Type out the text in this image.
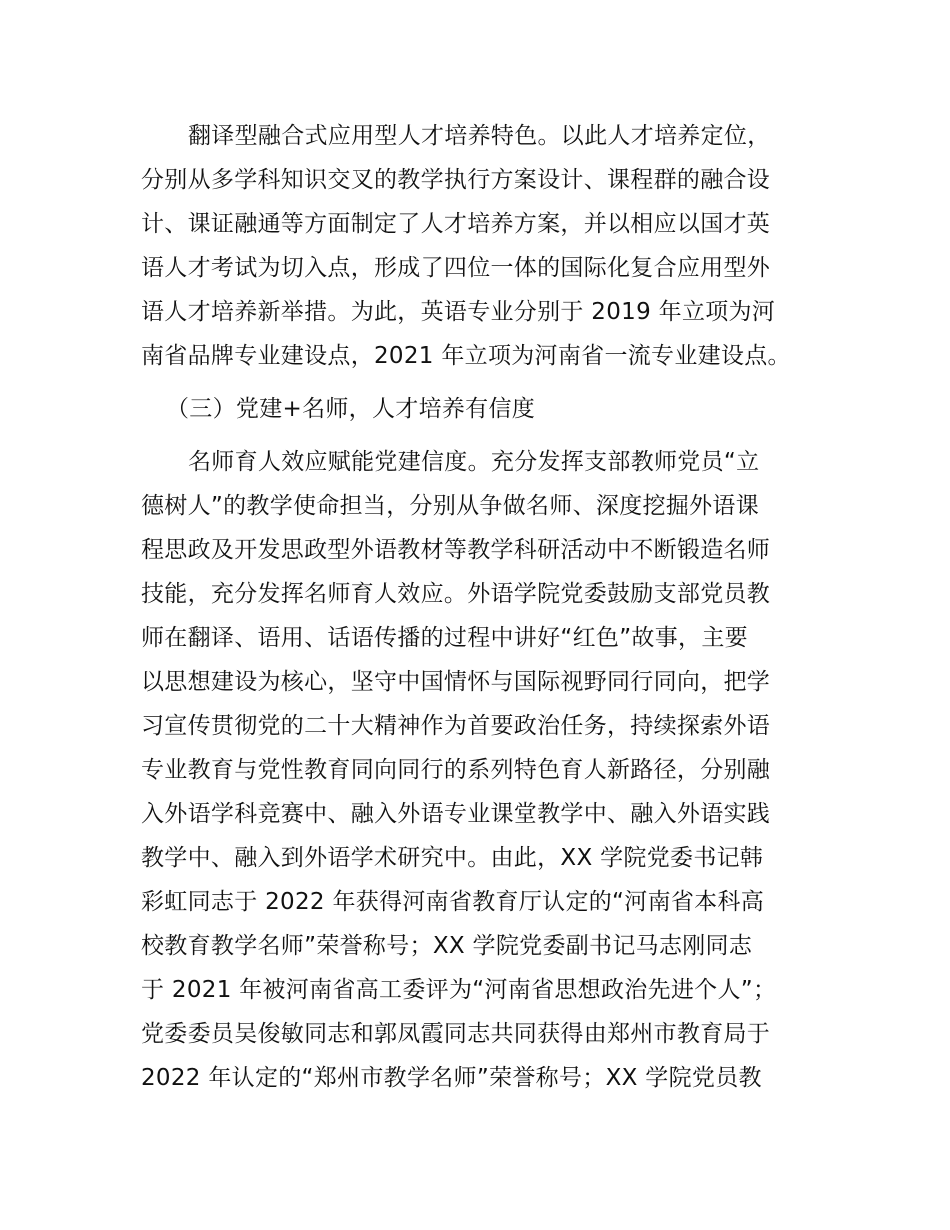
翻译型融合式应用型人才培养特色。以此人才培养定位，
分别从多学科知识交叉的教学执行方案设计、课程群的融合设
计、课证融通等方面制定了人才培养方案，并以相应以国才英
语人才考试为切入点，形成了四位一体的国际化复合应用型外
语人才培养新举措。为此，英语专业分别于 2019 年立项为河
南省品牌专业建设点，2021 年立项为河南省一流专业建设点。
（三）党建+名师，人才培养有信度
名师育人效应赋能党建信度。充分发挥支部教师党员“立
德树人”的教学使命担当，分别从争做名师、深度挖掘外语课
程思政及开发思政型外语教材等教学科研活动中不断锻造名师
技能，充分发挥名师育人效应。外语学院党委鼓励支部党员教
师在翻译、语用、话语传播的过程中讲好“红色”故事，主要
以思想建设为核心，坚守中国情怀与国际视野同行同向，把学
习宣传贯彻党的二十大精神作为首要政治任务，持续探索外语
专业教育与党性教育同向同行的系列特色育人新路径，分别融
入外语学科竞赛中、融入外语专业课堂教学中、融入外语实践
教学中、融入到外语学术研究中。由此，XX 学院党委书记韩
彩虹同志于 2022 年获得河南省教育厅认定的“河南省本科高
校教育教学名师”荣誉称号；XX 学院党委副书记马志刚同志
于 2021 年被河南省高工委评为“河南省思想政治先进个人”；
党委委员吴俊敏同志和郭凤霞同志共同获得由郑州市教育局于
2022 年认定的“郑州市教学名师”荣誉称号；XX 学院党员教
